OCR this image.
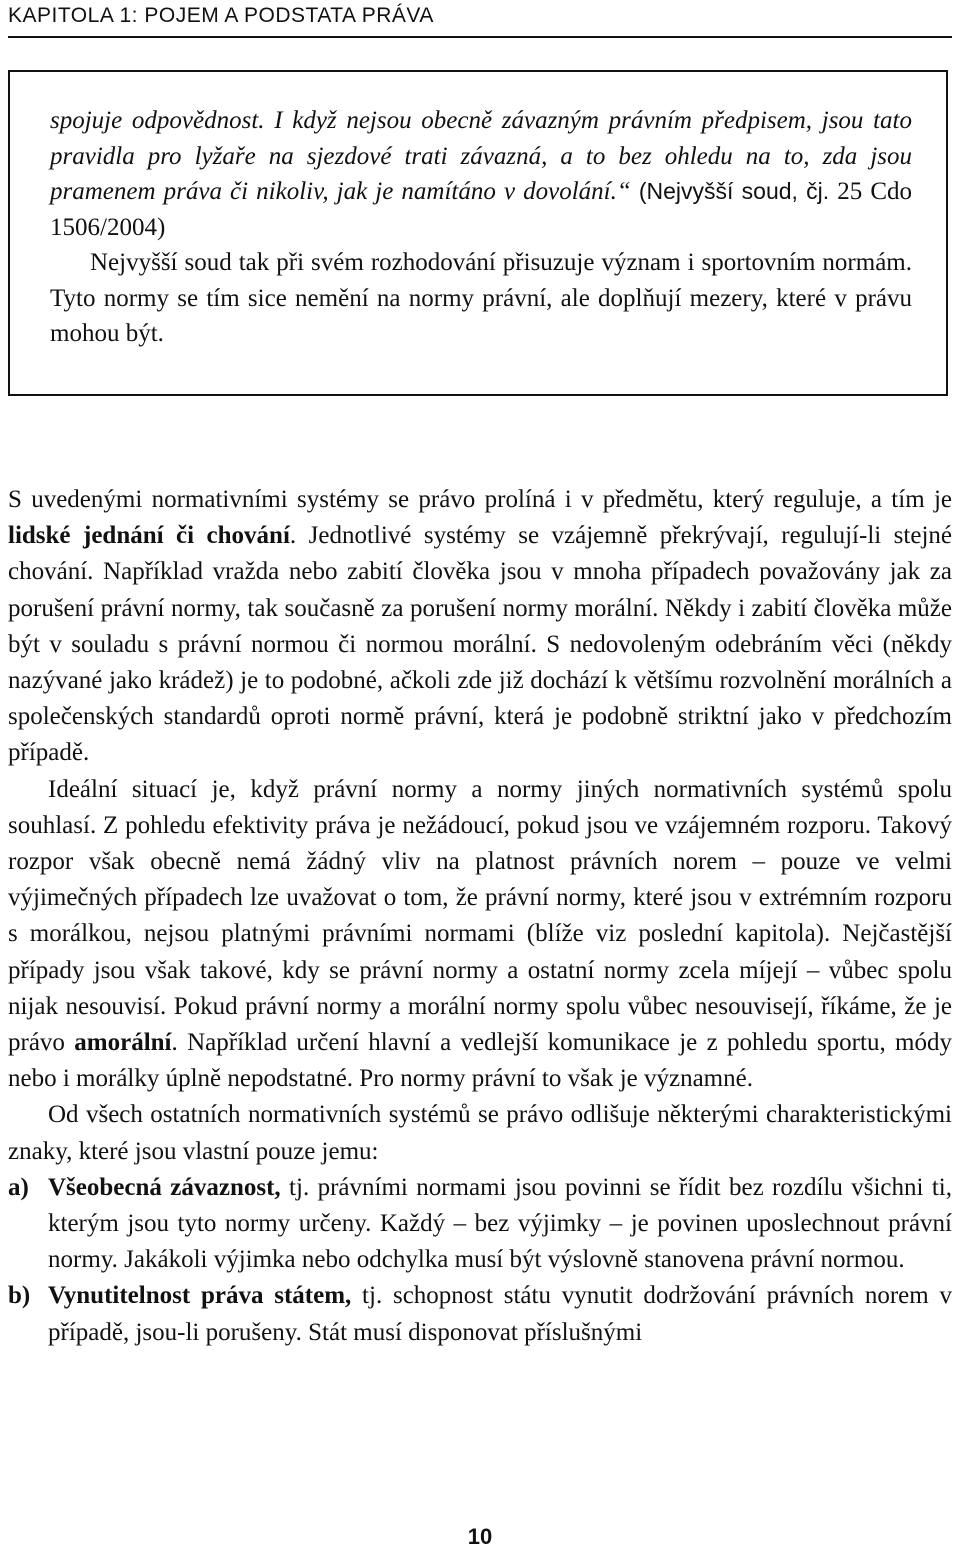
KAPITOLA 1: POJEM A PODSTATA PRÁVA
spojuje odpovědnost. I když nejsou obecně závazným právním předpisem, jsou tato pravidla pro lyžaře na sjezdové trati závazná, a to bez ohledu na to, zda jsou pramenem práva či nikoliv, jak je namítáno v dovolání.“ (Nejvyšší soud, čj. 25 Cdo 1506/2004)
Nejvyšší soud tak při svém rozhodování přisuzuje význam i sportovním normám. Tyto normy se tím sice nemění na normy právní, ale doplňují mezery, které v právu mohou být.

S uvedenými normativními systémy se právo prolíná i v předmětu, který reguluje, a tím je lidské jednání či chování. Jednotlivé systémy se vzájemně překrývají, regulují-li stejné chování. Například vražda nebo zabití člověka jsou v mnoha případech považovány jak za porušení právní normy, tak současně za porušení normy morální. Někdy i zabití člověka může být v souladu s právní normou či normou morální. S nedovoleným odebráním věci (někdy nazývané jako krádež) je to podobné, ačkoli zde již dochází k většímu rozvolnění morálních a společenských standardů oproti normě právní, která je podobně striktní jako v předchozím případě.

Ideální situací je, když právní normy a normy jiných normativních systémů spolu souhlasí. Z pohledu efektivity práva je nežádoucí, pokud jsou ve vzájemném rozporu. Takový rozpor však obecně nemá žádný vliv na platnost právních norem – pouze ve velmi výjimečných případech lze uvažovat o tom, že právní normy, které jsou v extrémním rozporu s morálkou, nejsou platnými právními normami (blíže viz poslední kapitola). Nejčastější případy jsou však takové, kdy se právní normy a ostatní normy zcela míjejí – vůbec spolu nijak nesouvisí. Pokud právní normy a morální normy spolu vůbec nesouvisejí, říkáme, že je právo amorální. Například určení hlavní a vedlejší komunikace je z pohledu sportu, módy nebo i morálky úplně nepodstatné. Pro normy právní to však je významné.

Od všech ostatních normativních systémů se právo odlišuje některými charakteristickými znaky, které jsou vlastní pouze jemu:

a) Všeobecná závaznost, tj. právními normami jsou povinni se řídit bez rozdílu všichni ti, kterým jsou tyto normy určeny. Každý – bez výjimky – je povinen uposlechnout právní normy. Jakákoli výjimka nebo odchylka musí být výslovně stanovena právní normou.

b) Vynutitelnost práva státem, tj. schopnost státu vynutit dodržování právních norem v případě, jsou-li porušeny. Stát musí disponovat příslušnými

10
